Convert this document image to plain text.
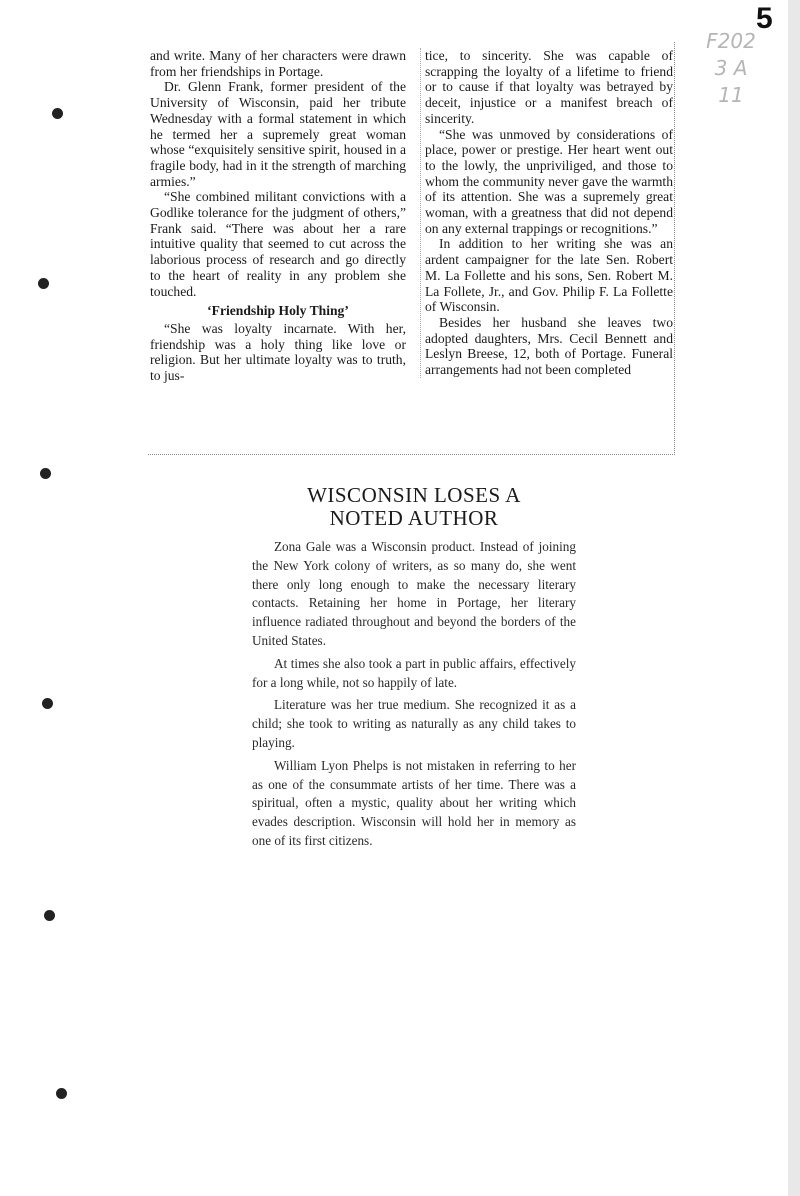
5
F202
3 A
11

and write. Many of her characters were drawn from her friendships in Portage.

Dr. Glenn Frank, former president of the University of Wisconsin, paid her tribute Wednesday with a formal statement in which he termed her a supremely great woman whose “exquisitely sensitive spirit, housed in a fragile body, had in it the strength of marching armies.”

“She combined militant convictions with a Godlike tolerance for the judgment of others,” Frank said. “There was about her a rare intuitive quality that seemed to cut across the laborious process of research and go directly to the heart of reality in any problem she touched.

‘Friendship Holy Thing’

“She was loyalty incarnate. With her, friendship was a holy thing like love or religion. But her ultimate loyalty was to truth, to jus-

tice, to sincerity. She was capable of scrapping the loyalty of a lifetime to friend or to cause if that loyalty was betrayed by deceit, injustice or a manifest breach of sincerity.

“She was unmoved by considerations of place, power or prestige. Her heart went out to the lowly, the unpriviliged, and those to whom the community never gave the warmth of its attention. She was a supremely great woman, with a greatness that did not depend on any external trappings or recognitions.”

In addition to her writing she was an ardent campaigner for the late Sen. Robert M. La Follette and his sons, Sen. Robert M. La Follete, Jr., and Gov. Philip F. La Follette of Wisconsin.

Besides her husband she leaves two adopted daughters, Mrs. Cecil Bennett and Leslyn Breese, 12, both of Portage. Funeral arrangements had not been completed

WISCONSIN LOSES A
NOTED AUTHOR

Zona Gale was a Wisconsin product. Instead of joining the New York colony of writers, as so many do, she went there only long enough to make the necessary literary contacts. Retaining her home in Portage, her literary influence radiated throughout and beyond the borders of the United States.

At times she also took a part in public affairs, effectively for a long while, not so happily of late.

Literature was her true medium. She recognized it as a child; she took to writing as naturally as any child takes to playing.

William Lyon Phelps is not mistaken in referring to her as one of the consummate artists of her time. There was a spiritual, often a mystic, quality about her writing which evades description. Wisconsin will hold her in memory as one of its first citizens.
